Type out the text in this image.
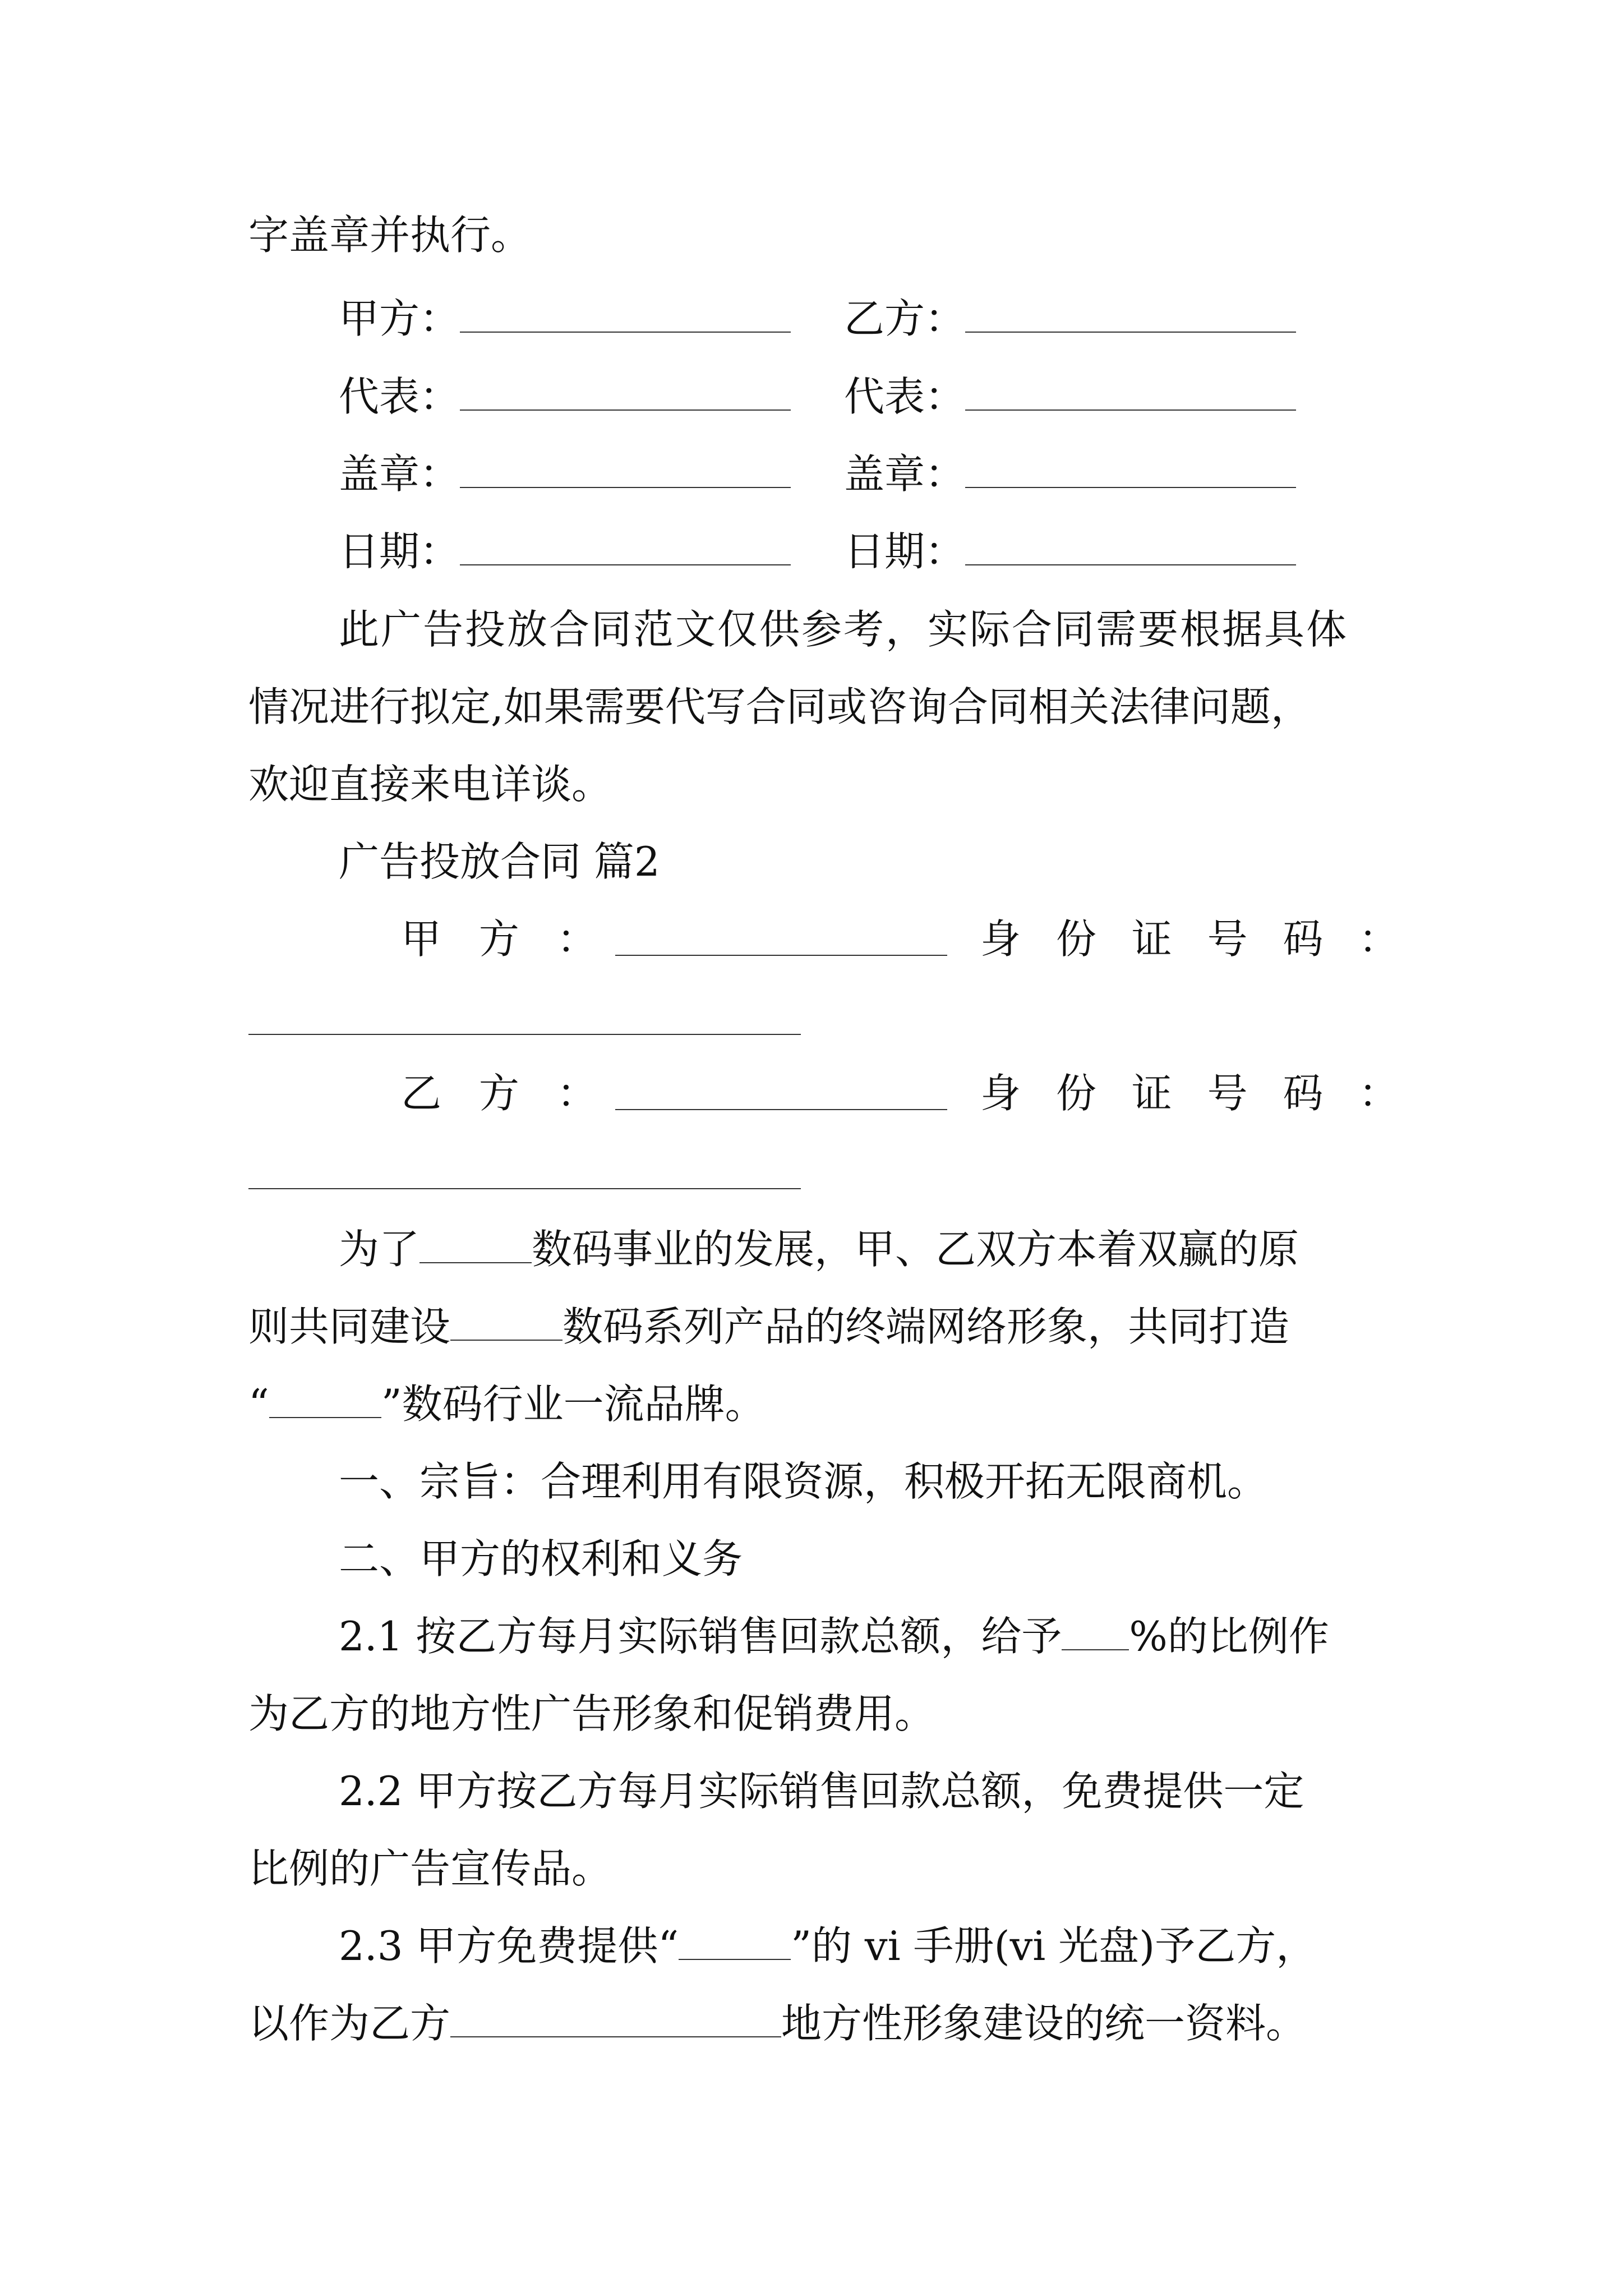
字盖章并执行。
甲方：	乙方：
代表：	代表：
盖章：	盖章：
日期：	日期：
此广告投放合同范文仅供参考，实际合同需要根据具体
情况进行拟定,如果需要代写合同或咨询合同相关法律问题，
欢迎直接来电详谈。
广告投放合同 篇2
甲 方 ：	身 份 证 号 码 ：
乙 方 ：	身 份 证 号 码 ：
为了	数码事业的发展，甲、乙双方本着双赢的原
则共同建设	数码系列产品的终端网络形象，共同打造
“	”数码行业一流品牌。
一、宗旨：合理利用有限资源，积极开拓无限商机。
二、甲方的权利和义务
2.1 按乙方每月实际销售回款总额，给予 %的比例作
为乙方的地方性广告形象和促销费用。
2.2 甲方按乙方每月实际销售回款总额，免费提供一定
比例的广告宣传品。
2.3 甲方免费提供“	”的 vi 手册(vi 光盘)予乙方，
以作为乙方	地方性形象建设的统一资料。
